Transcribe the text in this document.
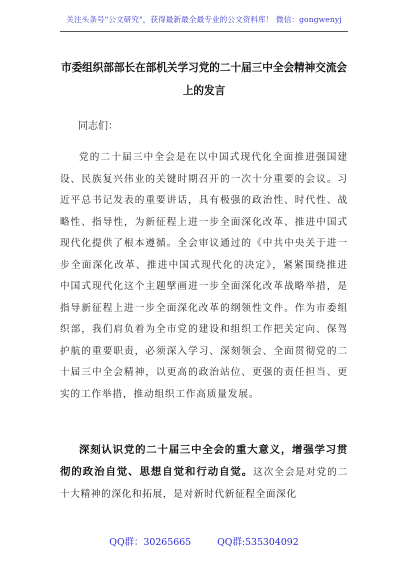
关注头条号"公文研究"，获得最新最全最专业的公文资料库！ 微信：gongwenyj
市委组织部部长在部机关学习党的二十届三中全会精神交流会上的发言
同志们：
党的二十届三中全会是在以中国式现代化全面推进强国建设、民族复兴伟业的关键时期召开的一次十分重要的会议。习近平总书记发表的重要讲话，具有极强的政治性、时代性、战略性、指导性，为新征程上进一步全面深化改革、推进中国式现代化提供了根本遵循。全会审议通过的《中共中央关于进一步全面深化改革、推进中国式现代化的决定》，紧紧围绕推进中国式现代化这个主题擘画进一步全面深化改革战略举措，是指导新征程上进一步全面深化改革的纲领性文件。作为市委组织部，我们肩负着为全市党的建设和组织工作把关定向、保驾护航的重要职责，必须深入学习、深刻领会、全面贯彻党的二十届三中全会精神，以更高的政治站位、更强的责任担当、更实的工作举措，推动组织工作高质量发展。
深刻认识党的二十届三中全会的重大意义，增强学习贯彻的政治自觉、思想自觉和行动自觉。这次全会是对党的二十大精神的深化和拓展，是对新时代新征程全面深化
QQ群：30265665	QQ群:535304092
